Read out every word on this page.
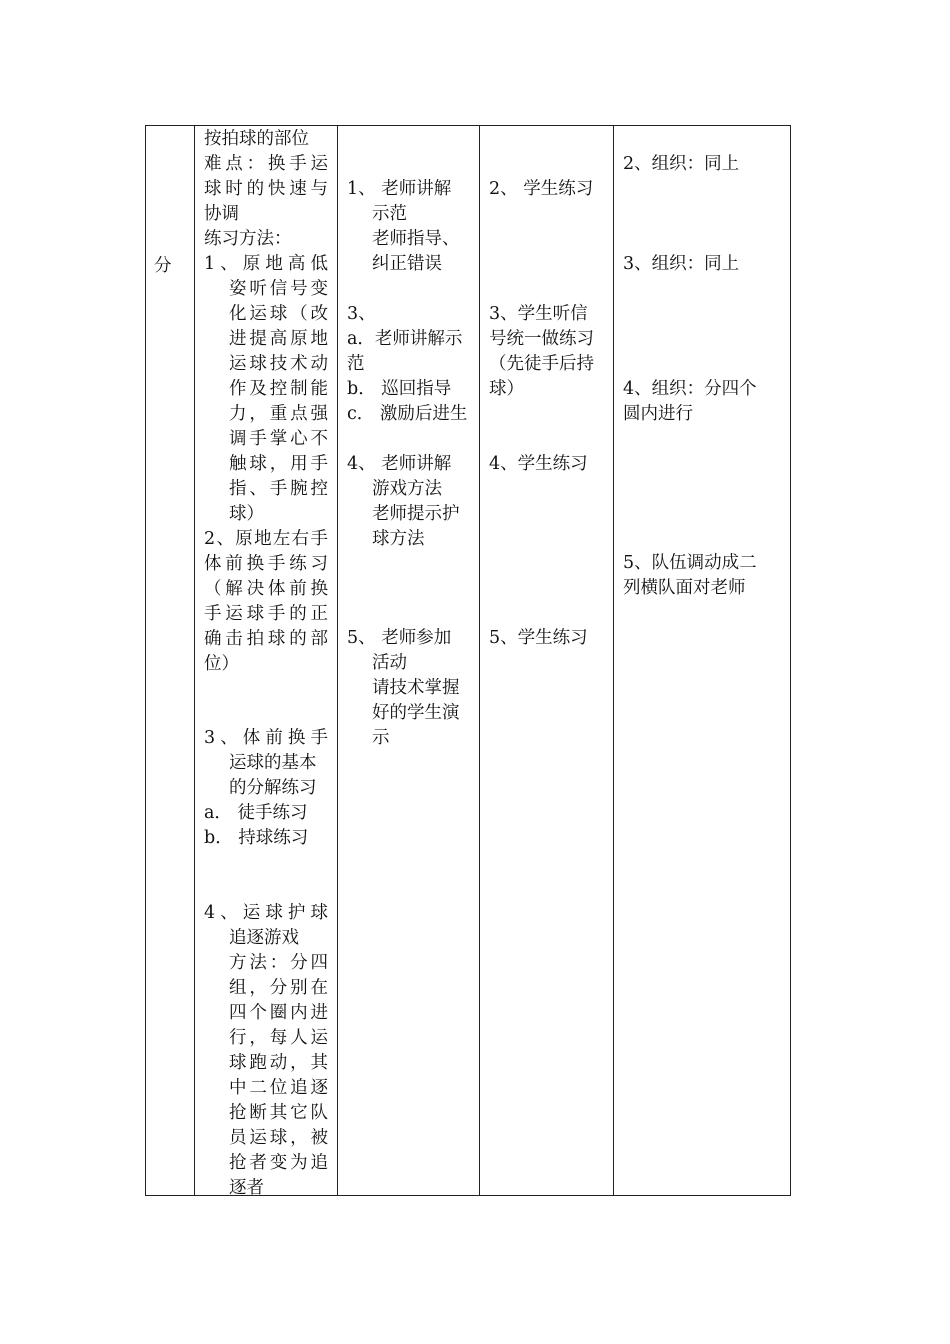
分

按拍球的部位
难点：换手运
球时的快速与
协调
练习方法：
1、原地高低
姿听信号变
化运球（改
进提高原地
运球技术动
作及控制能
力，重点强
调手掌心不
触球，用手
指、手腕控
球）
2、原地左右手
体前换手练习
（解决体前换
手运球手的正
确击拍球的部
位）
3、体前换手
运球的基本
的分解练习
a． 徒手练习
b． 持球练习
4、运球护球
追逐游戏
方法：分四
组，分别在
四个圈内进
行，每人运
球跑动，其
中二位追逐
抢断其它队
员运球，被
抢者变为追
逐者

1、 老师讲解
示范
老师指导、
纠正错误
3、
a．老师讲解示
范
b． 巡回指导
c． 激励后进生
4、 老师讲解
游戏方法
老师提示护
球方法
5、 老师参加
活动
请技术掌握
好的学生演
示

2、 学生练习
3、学生听信
号统一做练习
（先徒手后持
球）
4、学生练习
5、学生练习

2、组织：同上
3、组织：同上
4、组织：分四个
圆内进行
5、队伍调动成二
列横队面对老师
